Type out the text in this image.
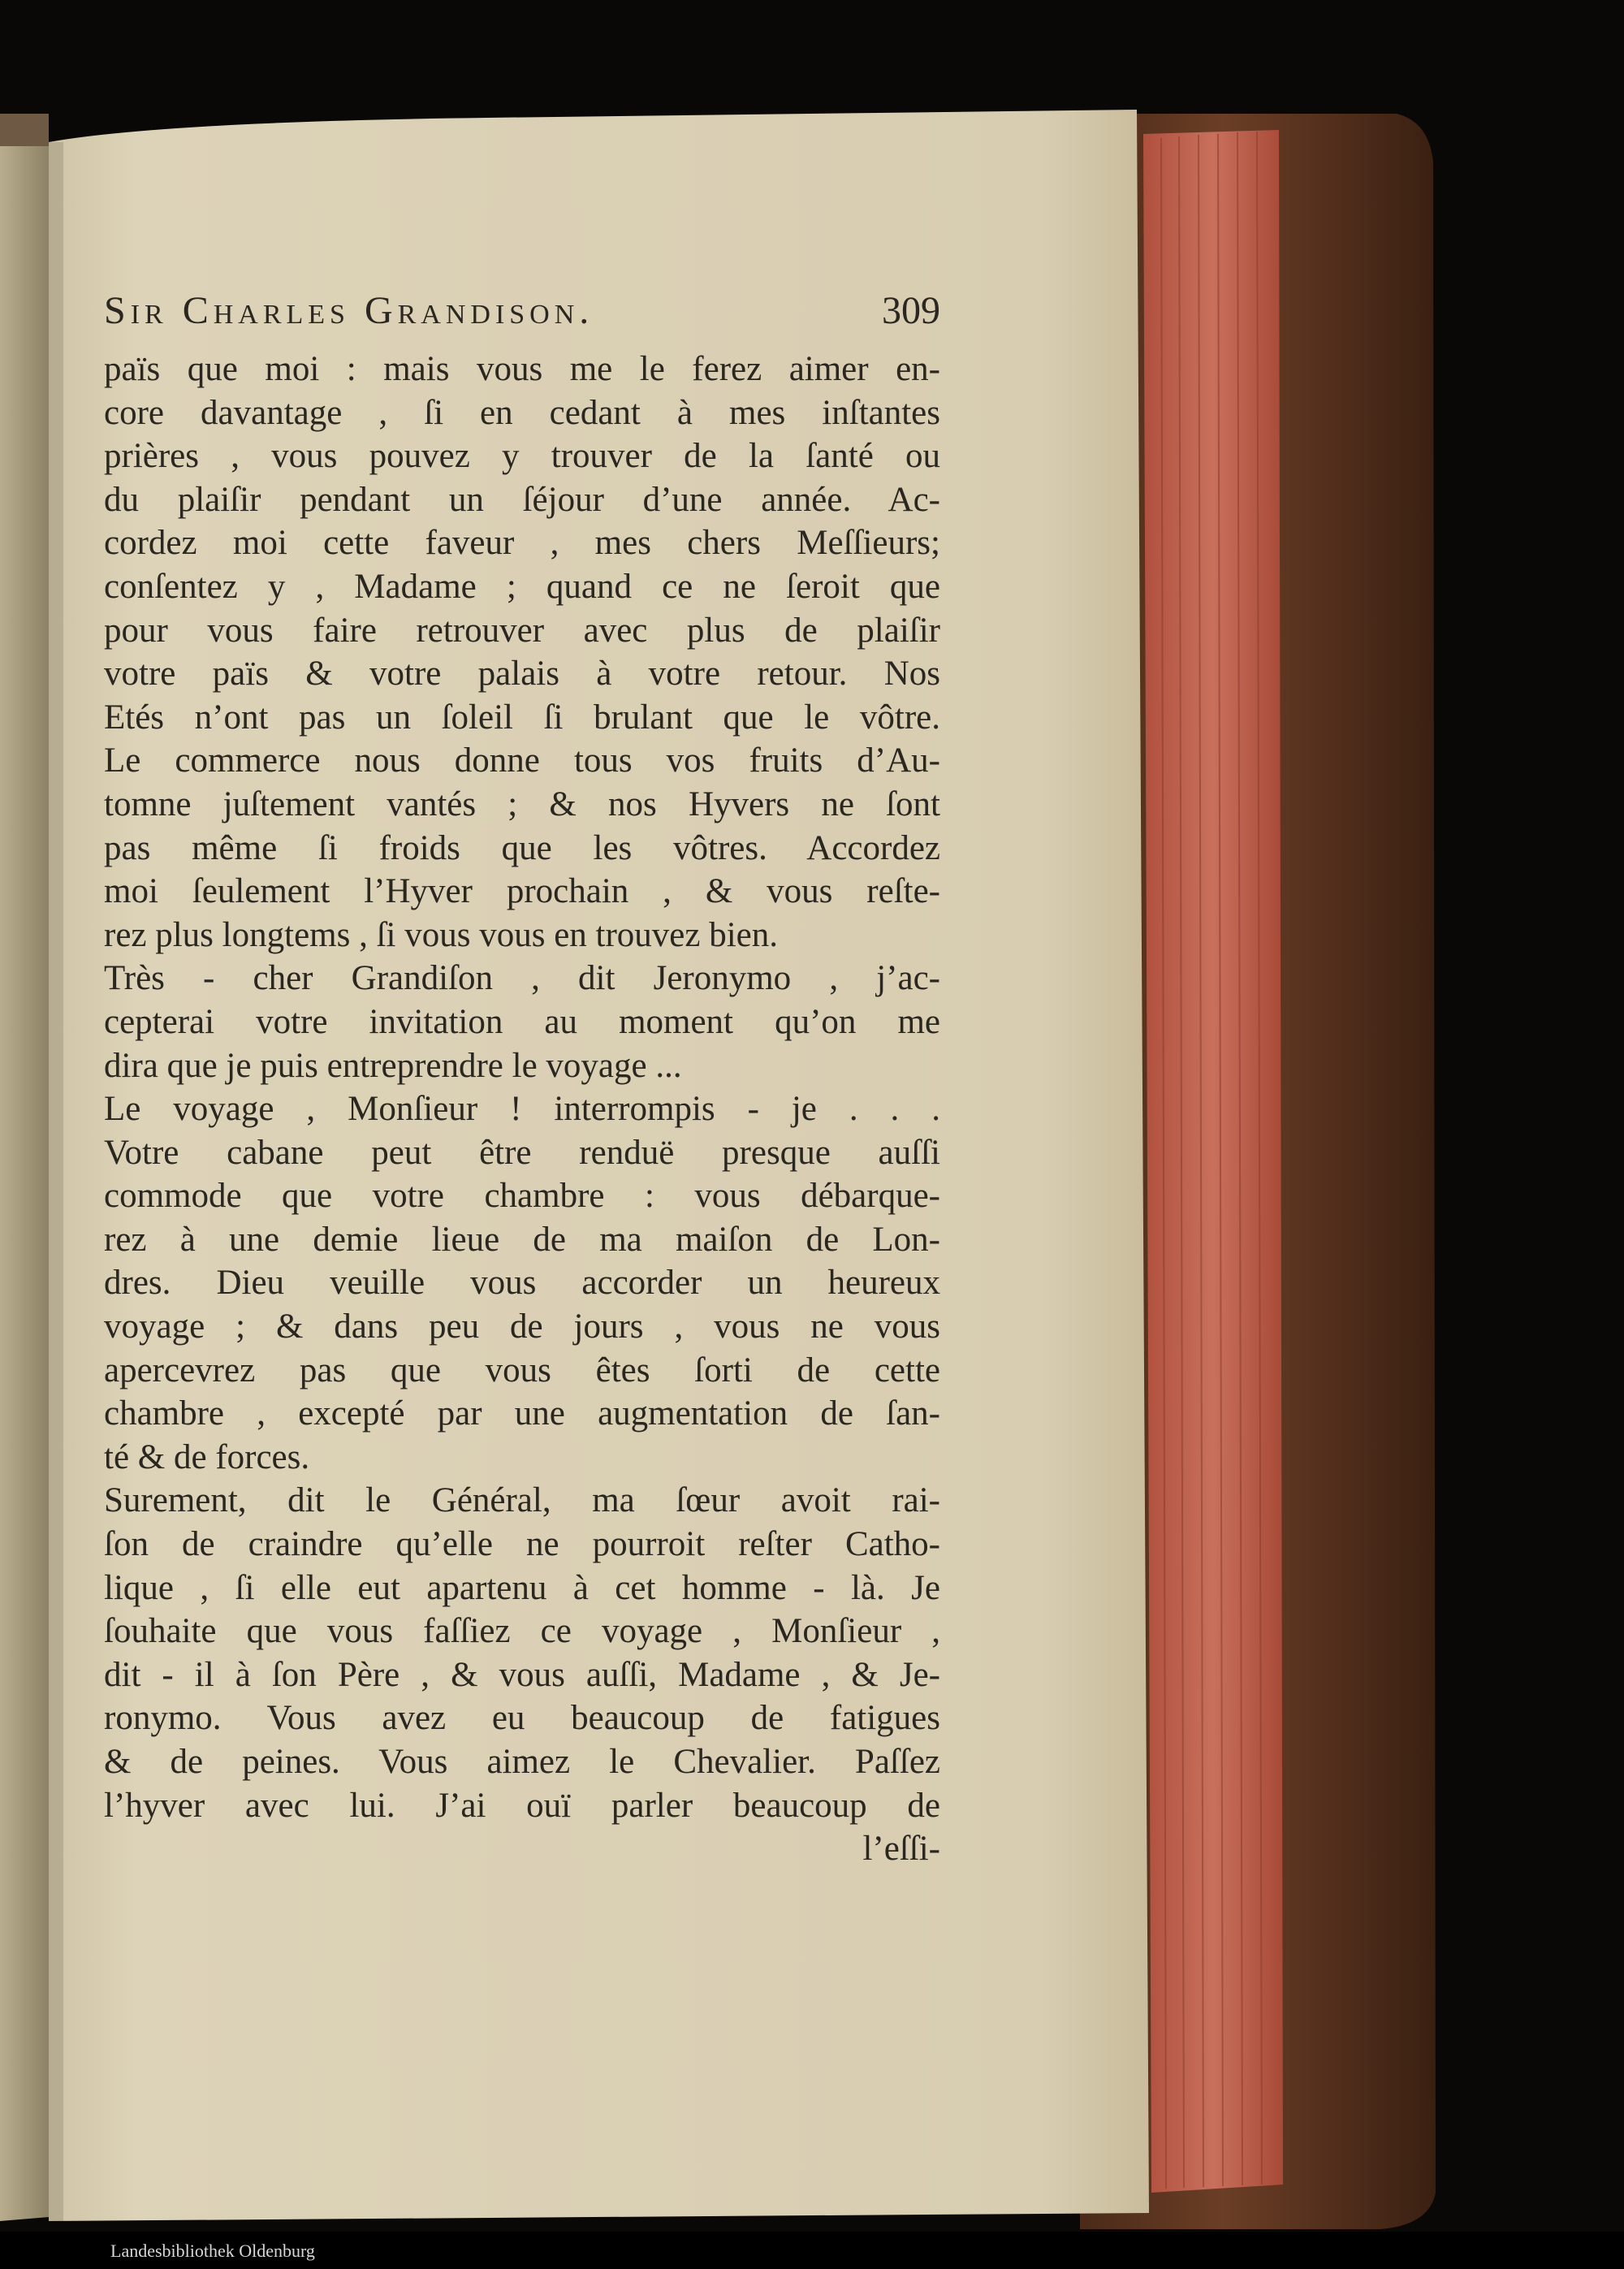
Sir Charles Grandison.	309
païs que moi : mais vous me le ferez aimer en-
core davantage , ſi en cedant à mes inſtantes
prières , vous pouvez y trouver de la ſanté ou
du plaiſir pendant un ſéjour d’une année. Ac-
cordez moi cette faveur , mes chers Meſſieurs;
conſentez y , Madame ; quand ce ne ſeroit que
pour vous faire retrouver avec plus de plaiſir
votre païs & votre palais à votre retour. Nos
Etés n’ont pas un ſoleil ſi brulant que le vôtre.
Le commerce nous donne tous vos fruits d’Au-
tomne juſtement vantés ; & nos Hyvers ne ſont
pas même ſi froids que les vôtres. Accordez
moi ſeulement l’Hyver prochain , & vous reſte-
rez plus longtems , ſi vous vous en trouvez bien.
Très - cher Grandiſon , dit Jeronymo , j’ac-
cepterai votre invitation au moment qu’on me
dira que je puis entreprendre le voyage ...
Le voyage , Monſieur ! interrompis - je . . .
Votre cabane peut être renduë presque auſſi
commode que votre chambre : vous débarque-
rez à une demie lieue de ma maiſon de Lon-
dres. Dieu veuille vous accorder un heureux
voyage ; & dans peu de jours , vous ne vous
apercevrez pas que vous êtes ſorti de cette
chambre , excepté par une augmentation de ſan-
té & de forces.
Surement, dit le Général, ma ſœur avoit rai-
ſon de craindre qu’elle ne pourroit reſter Catho-
lique , ſi elle eut apartenu à cet homme - là. Je
ſouhaite que vous faſſiez ce voyage , Monſieur ,
dit - il à ſon Père , & vous auſſi, Madame , & Je-
ronymo. Vous avez eu beaucoup de fatigues
& de peines. Vous aimez le Chevalier. Paſſez
l’hyver avec lui. J’ai ouï parler beaucoup de
l’eſſi-
Landesbibliothek Oldenburg
